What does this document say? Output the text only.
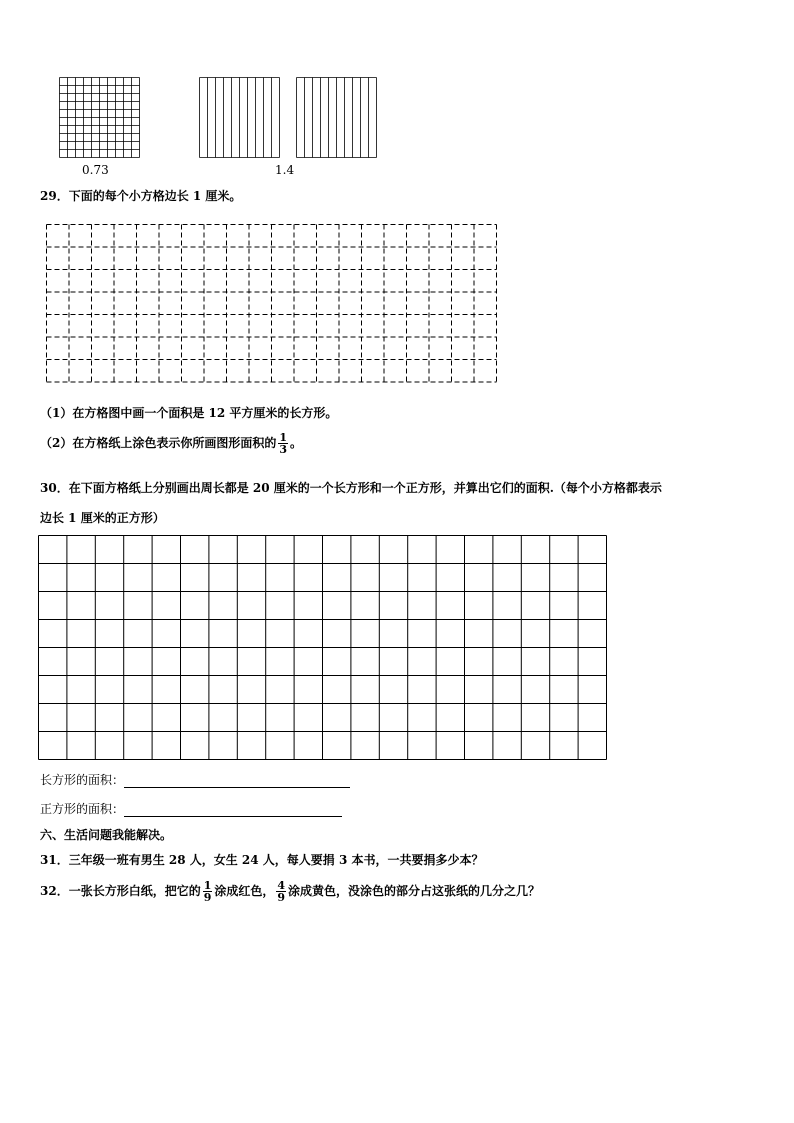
0.73	1.4
29．下面的每个小方格边长 1 厘米。
（1）在方格图中画一个面积是 12 平方厘米的长方形。
（2）在方格纸上涂色表示你所画图形面积的 $\frac{1}{3}$ 。
30．在下面方格纸上分别画出周长都是 20 厘米的一个长方形和一个正方形，并算出它们的面积.（每个小方格都表示
边长 1 厘米的正方形）
长方形的面积：
正方形的面积：
六、生活问题我能解决。
31．三年级一班有男生 28 人，女生 24 人，每人要捐 3 本书，一共要捐多少本？
32．一张长方形白纸，把它的 $\frac{1}{9}$ 涂成红色， $\frac{4}{9}$ 涂成黄色，没涂色的部分占这张纸的几分之几？
